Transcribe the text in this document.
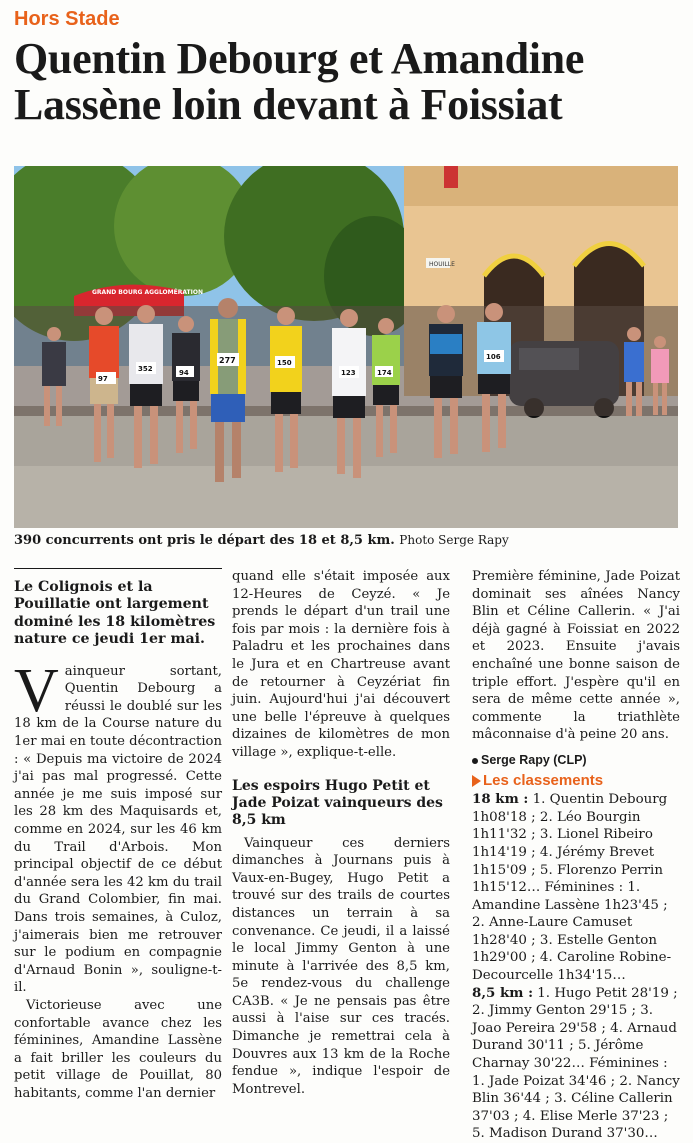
Hors Stade
Quentin Debourg et Amandine Lassène loin devant à Foissiat
HOUILLE
GRAND BOURG AGGLOMÉRATION
97
352	94
277	150
123	174
106
390 concurrents ont pris le départ des 18 et 8,5 km. Photo Serge Rapy

Le Colignois et la Pouillatie ont largement dominé les 18 kilomètres nature ce jeudi 1er mai.

Vainqueur sortant, Quentin Debourg a réussi le doublé sur les 18 km de la Course nature du 1er mai en toute décontraction : « Depuis ma victoire de 2024 j'ai pas mal progressé. Cette année je me suis imposé sur les 28 km des Maquisards et, comme en 2024, sur les 46 km du Trail d'Arbois. Mon principal objectif de ce début d'année sera les 42 km du trail du Grand Colombier, fin mai. Dans trois semaines, à Culoz, j'aimerais bien me retrouver sur le podium en compagnie d'Arnaud Bonin », souligne-t-il.

Victorieuse avec une confortable avance chez les féminines, Amandine Lassène a fait briller les couleurs du petit village de Pouillat, 80 habitants, comme l'an dernier

quand elle s'était imposée aux 12-Heures de Ceyzé. « Je prends le départ d'un trail une fois par mois : la dernière fois à Paladru et les prochaines dans le Jura et en Chartreuse avant de retourner à Ceyzériat fin juin. Aujourd'hui j'ai découvert une belle l'épreuve à quelques dizaines de kilomètres de mon village », explique-t-elle.

Les espoirs Hugo Petit et Jade Poizat vainqueurs des 8,5 km

Vainqueur ces derniers dimanches à Journans puis à Vaux-en-Bugey, Hugo Petit a trouvé sur des trails de courtes distances un terrain à sa convenance. Ce jeudi, il a laissé le local Jimmy Genton à une minute à l'arrivée des 8,5 km, 5e rendez-vous du challenge CA3B. « Je ne pensais pas être aussi à l'aise sur ces tracés. Dimanche je remettrai cela à Douvres aux 13 km de la Roche fendue », indique l'espoir de Montrevel.

Première féminine, Jade Poizat dominait ses aînées Nancy Blin et Céline Callerin. « J'ai déjà gagné à Foissiat en 2022 et 2023. Ensuite j'avais enchaîné une bonne saison de triple effort. J'espère qu'il en sera de même cette année », commente la triathlète mâconnaise d'à peine 20 ans.

Serge Rapy (CLP)
Les classements

18 km : 1. Quentin Debourg 1h08'18 ; 2. Léo Bourgin 1h11'32 ; 3. Lionel Ribeiro 1h14'19 ; 4. Jérémy Brevet 1h15'09 ; 5. Florenzo Perrin 1h15'12… Féminines : 1. Amandine Lassène 1h23'45 ; 2. Anne-Laure Camuset 1h28'40 ; 3. Estelle Genton 1h29'00 ; 4. Caroline Robine-Decourcelle 1h34'15…

8,5 km : 1. Hugo Petit 28'19 ; 2. Jimmy Genton 29'15 ; 3. Joao Pereira 29'58 ; 4. Arnaud Durand 30'11 ; 5. Jérôme Charnay 30'22… Féminines : 1. Jade Poizat 34'46 ; 2. Nancy Blin 36'44 ; 3. Céline Callerin 37'03 ; 4. Elise Merle 37'23 ; 5. Madison Durand 37'30…
